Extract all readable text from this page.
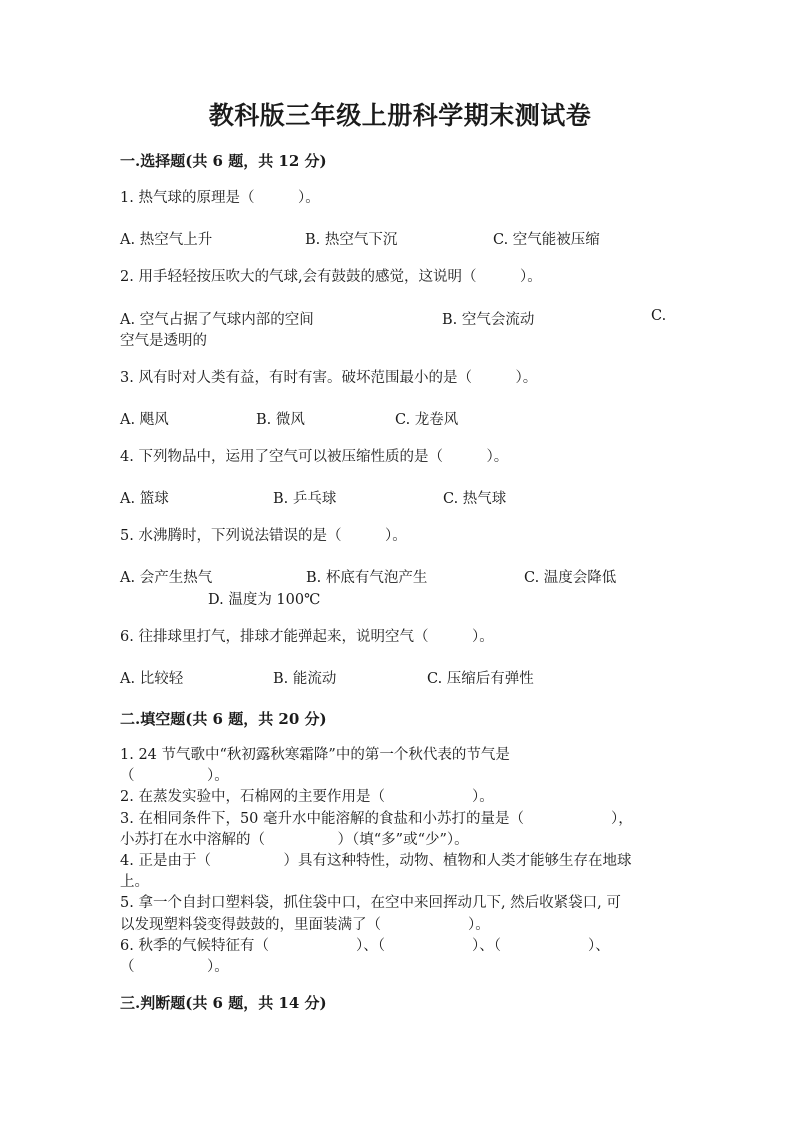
教科版三年级上册科学期末测试卷
一.选择题(共 6 题，共 12 分)
1. 热气球的原理是（　　　）。
A. 热空气上升	B. 热空气下沉	C. 空气能被压缩
2. 用手轻轻按压吹大的气球,会有鼓鼓的感觉，这说明（　　　）。
A. 空气占据了气球内部的空间	B. 空气会流动	C.
空气是透明的
3. 风有时对人类有益，有时有害。破坏范围最小的是（　　　）。
A. 飓风	B. 微风	C. 龙卷风
4. 下列物品中，运用了空气可以被压缩性质的是（　　　）。
A. 篮球	B. 乒乓球	C. 热气球
5. 水沸腾时，下列说法错误的是（　　　）。
A. 会产生热气	B. 杯底有气泡产生	C. 温度会降低
D. 温度为 100℃
6. 往排球里打气，排球才能弹起来，说明空气（　　　）。
A. 比较轻	B. 能流动	C. 压缩后有弹性
二.填空题(共 6 题，共 20 分)
1. 24 节气歌中“秋初露秋寒霜降”中的第一个秋代表的节气是
（　　　　　）。
2. 在蒸发实验中，石棉网的主要作用是（　　　　　　）。
3. 在相同条件下，50 毫升水中能溶解的食盐和小苏打的量是（　　　　　　），
小苏打在水中溶解的（　　　　　）（填“多”或“少”）。
4. 正是由于（　　　　　）具有这种特性，动物、植物和人类才能够生存在地球
上。
5. 拿一个自封口塑料袋，抓住袋中口，在空中来回挥动几下, 然后收紧袋口, 可
以发现塑料袋变得鼓鼓的，里面装满了（　　　　　　）。
6. 秋季的气候特征有（　　　　　　）、（　　　　　　）、（　　　　　　）、
（　　　　　）。
三.判断题(共 6 题，共 14 分)
